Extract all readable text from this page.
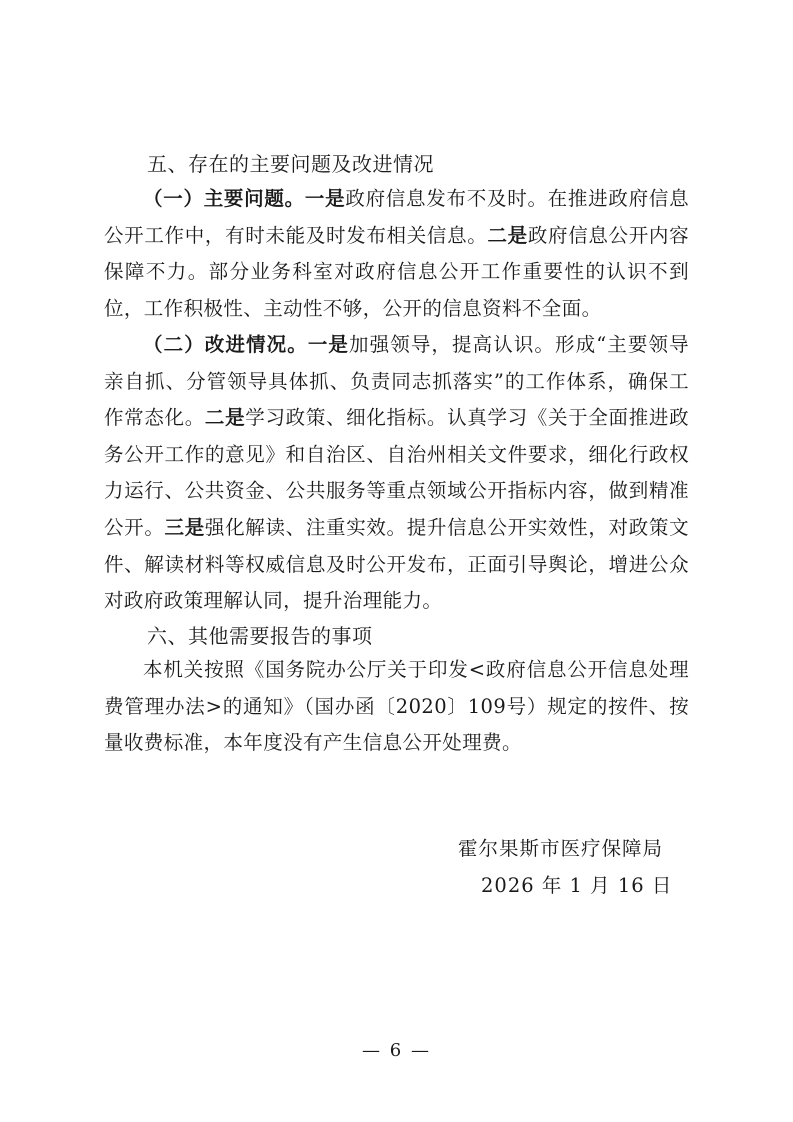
五、存在的主要问题及改进情况
（一）主要问题。一是政府信息发布不及时。在推进政府信息公开工作中，有时未能及时发布相关信息。二是政府信息公开内容保障不力。部分业务科室对政府信息公开工作重要性的认识不到位，工作积极性、主动性不够，公开的信息资料不全面。
（二）改进情况。一是加强领导，提高认识。形成“主要领导亲自抓、分管领导具体抓、负责同志抓落实”的工作体系，确保工作常态化。二是学习政策、细化指标。认真学习《关于全面推进政务公开工作的意见》和自治区、自治州相关文件要求，细化行政权力运行、公共资金、公共服务等重点领域公开指标内容，做到精准公开。三是强化解读、注重实效。提升信息公开实效性，对政策文件、解读材料等权威信息及时公开发布，正面引导舆论，增进公众对政府政策理解认同，提升治理能力。
六、其他需要报告的事项
本机关按照《国务院办公厅关于印发<政府信息公开信息处理费管理办法>的通知》（国办函〔2020〕109号）规定的按件、按量收费标准，本年度没有产生信息公开处理费。
霍尔果斯市医疗保障局
2026 年 1 月 16 日
— 6 —
